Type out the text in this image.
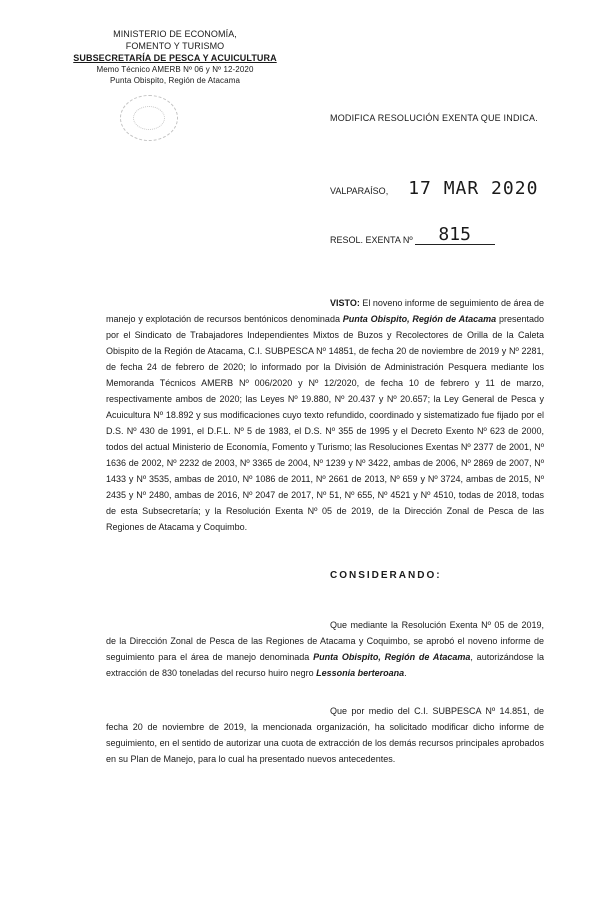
MINISTERIO DE ECONOMÍA,
FOMENTO Y TURISMO
SUBSECRETARÍA DE PESCA Y ACUICULTURA
Memo Técnico AMERB Nº 06 y Nº 12-2020
Punta Obispito, Región de Atacama
MODIFICA RESOLUCIÓN EXENTA QUE INDICA.
VALPARAÍSO, 17 MAR 2020
RESOL. EXENTA Nº	815
VISTO: El noveno informe de seguimiento de área de manejo y explotación de recursos bentónicos denominada Punta Obispito, Región de Atacama presentado por el Sindicato de Trabajadores Independientes Mixtos de Buzos y Recolectores de Orilla de la Caleta Obispito de la Región de Atacama, C.I. SUBPESCA Nº 14851, de fecha 20 de noviembre de 2019 y Nº 2281, de fecha 24 de febrero de 2020; lo informado por la División de Administración Pesquera mediante los Memoranda Técnicos AMERB Nº 006/2020 y Nº 12/2020, de fecha 10 de febrero y 11 de marzo, respectivamente ambos de 2020; las Leyes Nº 19.880, Nº 20.437 y Nº 20.657; la Ley General de Pesca y Acuicultura Nº 18.892 y sus modificaciones cuyo texto refundido, coordinado y sistematizado fue fijado por el D.S. Nº 430 de 1991, el D.F.L. Nº 5 de 1983, el D.S. Nº 355 de 1995 y el Decreto Exento Nº 623 de 2000, todos del actual Ministerio de Economía, Fomento y Turismo; las Resoluciones Exentas Nº 2377 de 2001, Nº 1636 de 2002, Nº 2232 de 2003, Nº 3365 de 2004, Nº 1239 y Nº 3422, ambas de 2006, Nº 2869 de 2007, Nº 1433 y Nº 3535, ambas de 2010, Nº 1086 de 2011, Nº 2661 de 2013, Nº 659 y Nº 3724, ambas de 2015, Nº 2435 y Nº 2480, ambas de 2016, Nº 2047 de 2017, Nº 51, Nº 655, Nº 4521 y Nº 4510, todas de 2018, todas de esta Subsecretaría; y la Resolución Exenta Nº 05 de 2019, de la Dirección Zonal de Pesca de las Regiones de Atacama y Coquimbo.
CONSIDERANDO:
Que mediante la Resolución Exenta Nº 05 de 2019, de la Dirección Zonal de Pesca de las Regiones de Atacama y Coquimbo, se aprobó el noveno informe de seguimiento para el área de manejo denominada Punta Obispito, Región de Atacama, autorizándose la extracción de 830 toneladas del recurso huiro negro Lessonia berteroana.
Que por medio del C.I. SUBPESCA Nº 14.851, de fecha 20 de noviembre de 2019, la mencionada organización, ha solicitado modificar dicho informe de seguimiento, en el sentido de autorizar una cuota de extracción de los demás recursos principales aprobados en su Plan de Manejo, para lo cual ha presentado nuevos antecedentes.
